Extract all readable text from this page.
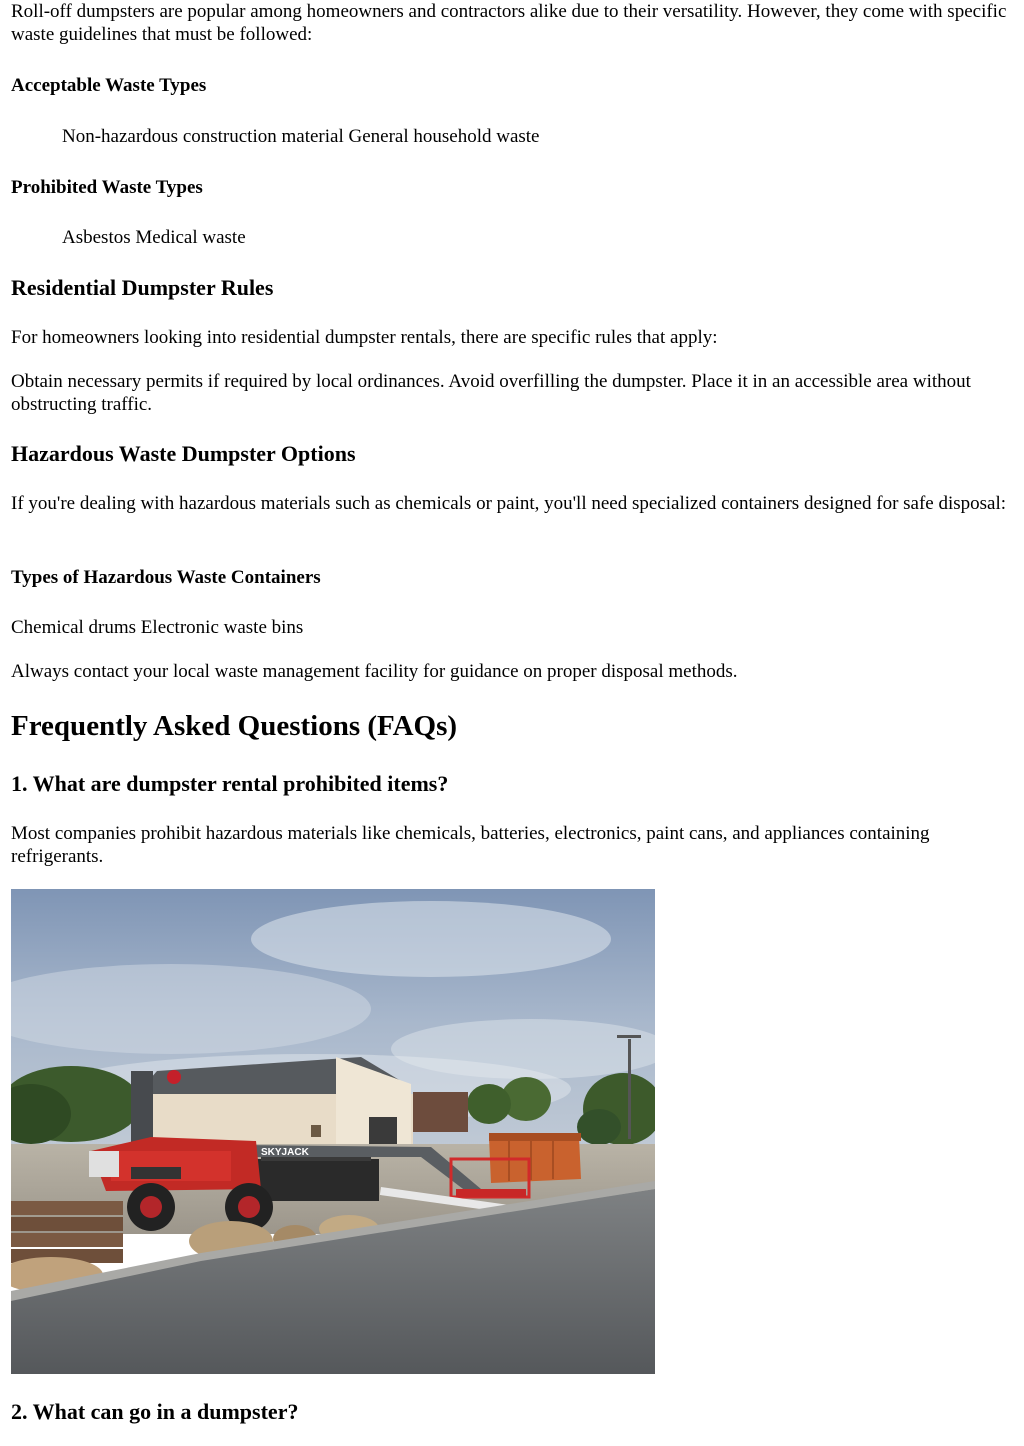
Roll-off dumpsters are popular among homeowners and contractors alike due to their versatility. However, they come with specific waste guidelines that must be followed:

Acceptable Waste Types

Non-hazardous construction material General household waste

Prohibited Waste Types

Asbestos Medical waste

Residential Dumpster Rules

For homeowners looking into residential dumpster rentals, there are specific rules that apply:

Obtain necessary permits if required by local ordinances. Avoid overfilling the dumpster. Place it in an accessible area without obstructing traffic.

Hazardous Waste Dumpster Options

If you're dealing with hazardous materials such as chemicals or paint, you'll need specialized containers designed for safe disposal:

Types of Hazardous Waste Containers

Chemical drums Electronic waste bins

Always contact your local waste management facility for guidance on proper disposal methods.

Frequently Asked Questions (FAQs)
1. What are dumpster rental prohibited items?

Most companies prohibit hazardous materials like chemicals, batteries, electronics, paint cans, and appliances containing refrigerants.

SKYJACK
2. What can go in a dumpster?
